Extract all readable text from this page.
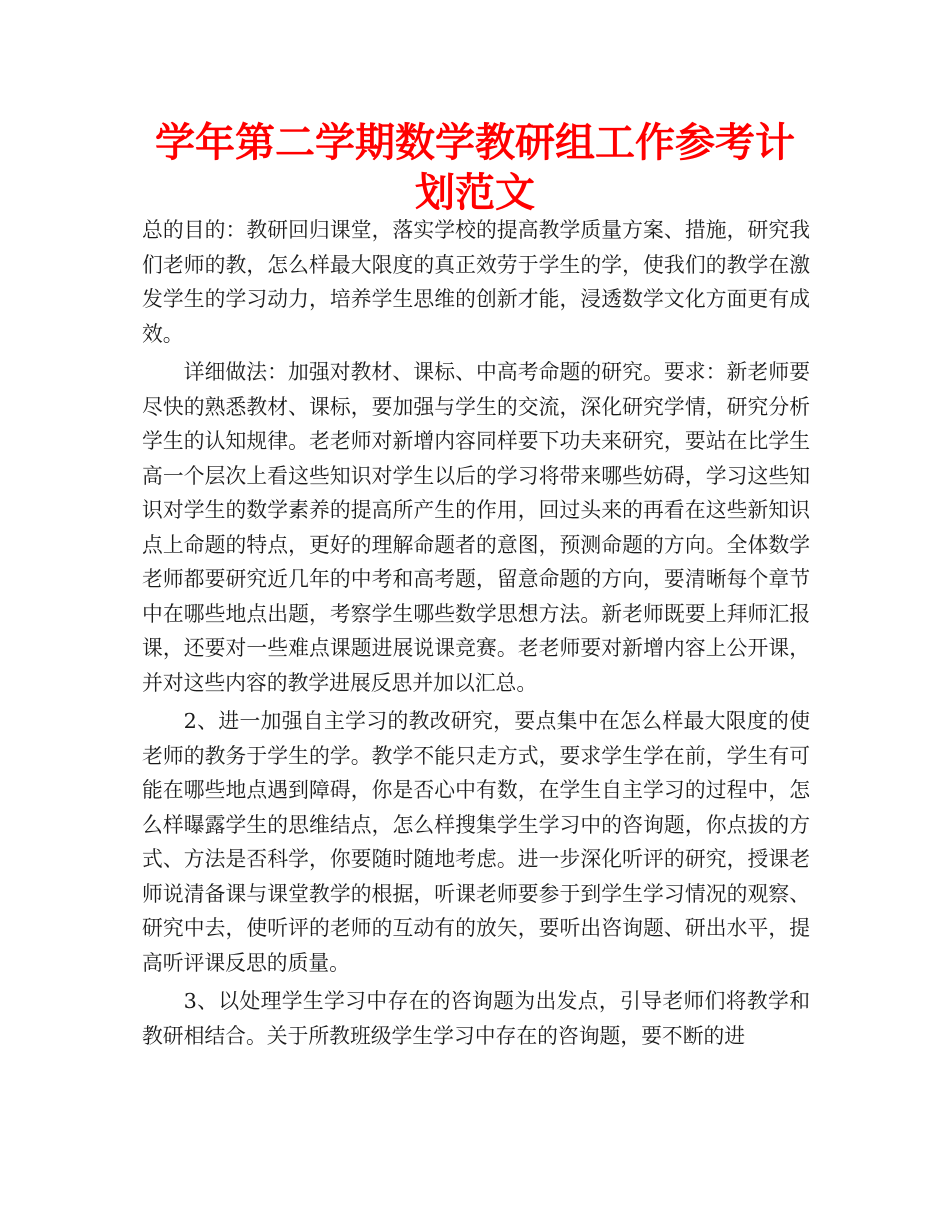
学年第二学期数学教研组工作参考计划范文

总的目的：教研回归课堂，落实学校的提高教学质量方案、措施，研究我们老师的教，怎么样最大限度的真正效劳于学生的学，使我们的教学在激发学生的学习动力，培养学生思维的创新才能，浸透数学文化方面更有成效。

详细做法：加强对教材、课标、中高考命题的研究。要求：新老师要尽快的熟悉教材、课标，要加强与学生的交流，深化研究学情，研究分析学生的认知规律。老老师对新增内容同样要下功夫来研究，要站在比学生高一个层次上看这些知识对学生以后的学习将带来哪些妨碍，学习这些知识对学生的数学素养的提高所产生的作用，回过头来的再看在这些新知识点上命题的特点，更好的理解命题者的意图，预测命题的方向。全体数学老师都要研究近几年的中考和高考题，留意命题的方向，要清晰每个章节中在哪些地点出题，考察学生哪些数学思想方法。新老师既要上拜师汇报课，还要对一些难点课题进展说课竞赛。老老师要对新增内容上公开课，并对这些内容的教学进展反思并加以汇总。

2、进一加强自主学习的教改研究，要点集中在怎么样最大限度的使老师的教务于学生的学。教学不能只走方式，要求学生学在前，学生有可能在哪些地点遇到障碍，你是否心中有数，在学生自主学习的过程中，怎么样曝露学生的思维结点，怎么样搜集学生学习中的咨询题，你点拔的方式、方法是否科学，你要随时随地考虑。进一步深化听评的研究，授课老师说清备课与课堂教学的根据，听课老师要参于到学生学习情况的观察、研究中去，使听评的老师的互动有的放矢，要听出咨询题、研出水平，提高听评课反思的质量。

3、以处理学生学习中存在的咨询题为出发点，引导老师们将教学和教研相结合。关于所教班级学生学习中存在的咨询题，要不断的进
